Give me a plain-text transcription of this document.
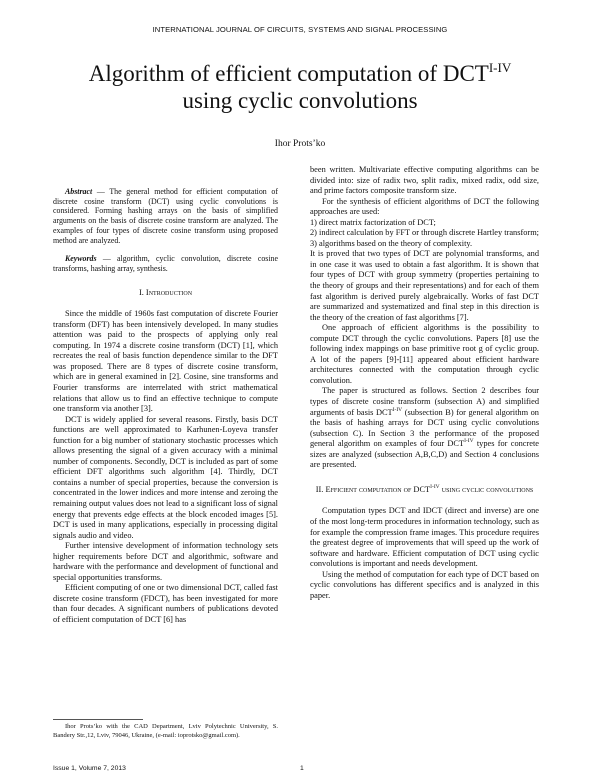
INTERNATIONAL JOURNAL OF CIRCUITS, SYSTEMS AND SIGNAL PROCESSING
Algorithm of efficient computation of $DCT^{I-IV}$
using cyclic convolutions
Ihor Prots’ko

Abstract — The general method for efficient computation of discrete cosine transform (DCT) using cyclic convolutions is considered. Forming hashing arrays on the basis of simplified arguments on the basis of discrete cosine transform are analyzed. The examples of four types of discrete cosine transform using proposed method are analyzed.

Keywords — algorithm, cyclic convolution, discrete cosine transforms, hashing array, synthesis.

I. Introduction

Since the middle of 1960s fast computation of discrete Fourier transform (DFT) has been intensively developed. In many studies attention was paid to the prospects of applying only real computing. In 1974 a discrete cosine transform (DCT) [1], which recreates the real of basis function dependence similar to the DFT was proposed. There are 8 types of discrete cosine transform, which are in general examined in [2]. Cosine, sine transforms and Fourier transforms are interrelated with strict mathematical relations that allow us to find an effective technique to compute one transform via another [3].

DCT is widely applied for several reasons. Firstly, basis DCT functions are well approximated to Karhunen-Loyeva transfer function for a big number of stationary stochastic processes which allows presenting the signal of a given accuracy with a minimal number of components. Secondly, DCT is included as part of some efficient DFT algorithms such algorithm [4]. Thirdly, DCT contains a number of special properties, because the conversion is concentrated in the lower indices and more intense and zeroing the remaining output values does not lead to a significant loss of signal energy that prevents edge effects at the block encoded images [5]. DCT is used in many applications, especially in processing digital signals audio and video.

Further intensive development of information technology sets higher requirements before DCT and algorithmic, software and hardware with the performance and development of functional and special opportunities transforms.

Efficient computing of one or two dimensional DCT, called fast discrete cosine transform (FDCT), has been investigated for more than four decades. A significant numbers of publications devoted of efficient computation of DCT [6] has

Ihor Prots’ko with the CAD Department, Lviv Polytechnic University, S. Bandery Str.,12, Lviv, 79046, Ukraine, (e-mail: ioprotsko@gmail.com).

been written. Multivariate effective computing algorithms can be divided into: size of radix two, split radix, mixed radix, odd size, and prime factors composite transform size.

For the synthesis of efficient algorithms of DCT the following approaches are used:

1) direct matrix factorization of DCT;

2) indirect calculation by FFT or through discrete Hartley transform;

3) algorithms based on the theory of complexity.

It is proved that two types of DCT are polynomial transforms, and in one case it was used to obtain a fast algorithm. It is shown that four types of DCT with group symmetry (properties pertaining to the theory of groups and their representations) and for each of them fast algorithm is derived purely algebraically. Works of fast DCT are summarized and systematized and final step in this direction is the theory of the creation of fast algorithms [7].

One approach of efficient algorithms is the possibility to compute DCT through the cyclic convolutions. Papers [8] use the following index mappings on base primitive root g of cyclic group. A lot of the papers [9]-[11] appeared about efficient hardware architectures connected with the computation through cyclic convolution.

The paper is structured as follows. Section 2 describes four types of discrete cosine transform (subsection A) and simplified arguments of basis $DCT^{I-IV}$ (subsection B) for general algorithm on the basis of hashing arrays for DCT using cyclic convolutions (subsection C). In Section 3 the performance of the proposed general algorithm on examples of four $DCT^{I-IV}$ types for concrete sizes are analyzed (subsection A,B,C,D) and Section 4 conclusions are presented.

II. Efficient computation of $DCT^{I-IV}$ using cyclic convolutions

Computation types DCT and IDCT (direct and inverse) are one of the most long-term procedures in information technology, such as for example the compression frame images. This procedure requires the greatest degree of improvements that will speed up the work of software and hardware. Efficient computation of DCT using cyclic convolutions is important and needs development.

Using the method of computation for each type of DCT based on cyclic convolutions has different specifics and is analyzed in this paper.

Issue 1, Volume 7, 2013	1
